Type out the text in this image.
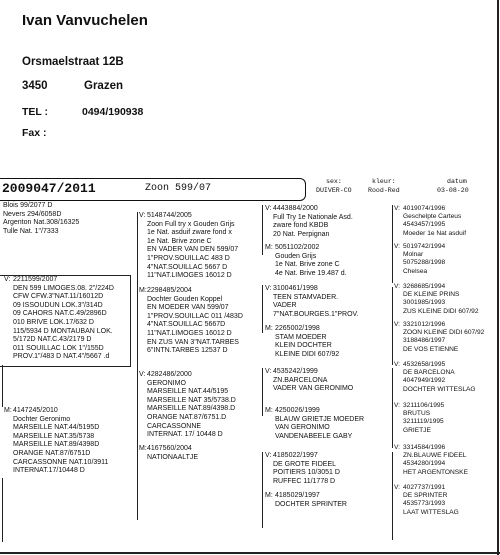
Ivan Vanvuchelen
Orsmaelstraat 12B
3450	Grazen
TEL :	0494/190938
Fax :
2009047/2011	Zoon 599/07
sex:
DUIVER-CO
kleur:
Rood-Red
datum
03-08-20
Blois 99/2077 D
Nevers 294/6058D
Argenton Nat.308/16325
Tulle Nat. 1"/7333
V: 2211599/2007
DEN 599 LIMOGES.08. 2"/224D
CFW CFW.3"NAT.11/16012D
09 ISSOUDUN LOK.3"/314D
09 CAHORS NAT.C.49/2896D
010 BRIVE LOK.17/632 D
115/5934 D MONTAUBAN LOK.
5/172D NAT.C.43/2179 D
011 SOUILLAC LOK 1"/155D
PROV.1"/483 D NAT.4"/5667 .d
M: 4147245/2010
Dochter Geronimo
MARSEILLE NAT.44/5195D
MARSEILLE NAT.35/5738
MARSEILLE NAT.89/4398D
ORANGE NAT.87/6751D
CARCASSONNE NAT.10/3911
INTERNAT.17/10448 D
V: 5148744/2005
Zoon Full try x Gouden Grijs
1e Nat. asduif zware fond x
1e Nat. Brive zone C
EN VADER VAN DEN 599/07
1"PROV.SOUILLAC 483 D
4"NAT.SOUILLAC 5667 D
11"NAT.LIMOGES 16012 D
M: 2298485/2004
Dochter Gouden Koppel
EN MOEDER VAN 599/07
1"PROV.SOUILLAC 011 /483D
4"NAT.SOUILLAC 5667D
11"NAT.LIMOGES 16012 D
EN ZUS VAN 3"NAT.TARBES
6"INTN.TARBES 12537 D
V: 4282486/2000
GERONIMO
MARSEILLE NAT.44/5195
MARSEILLE NAT 35/5738.D
MARSEILLE NAT.89/4398.D
ORANGE NAT.87/6751.D
CARCASSONNE
INTERNAT. 17/ 10448 D
M: 4167560/2004
NATIONAALTJE
V: 4443884/2000
Full Try 1e Nationale Asd.
zware fond KBDB
20 Nat. Perpignan
M: 5051102/2002
Gouden Grijs
1e Nat. Brive zone C
4e Nat. Brive 19.487 d.
V: 3100461/1998
TEEN STAMVADER.
VADER
7"NAT.BOURGES.1"PROV.
M: 2265002/1998
STAM MOEDER
KLEIN DOCHTER
KLEINE DIDI 607/92
V: 4535242/1999
ZN.BARCELONA
VADER VAN GERONIMO
M: 4250026/1999
BLAUW GRIETJE MOEDER
VAN GERONIMO
VANDENABEELE GABY
V: 4185022/1997
DE GROTE FIDEEL
POITIERS 10/3051 D
RUFFEC 11/1778 D
M: 4185029/1997
DOCHTER SPRINTER
V: 4019074/1996
Geschelpte Carteus
4543457/1995
Moeder 1e Nat asduif
V: 5019742/1994
Molnar
5075288/1998
Chelsea
V: 3268685/1994
DE KLEINE PRINS
3001985/1993
ZUS KLEINE DIDI 607/92
V: 3321012/1996
ZOON KLEINE DIDI 607/92
3188486/1997
DE VOS ETIENNE
V: 4532658/1995
DE BARCELONA
4047949/1992
DOCHTER WITTESLAG
V: 3211106/1995
BRUTUS
3211119/1995
GRIETJE
V: 3314584/1996
ZN.BLAUWE FIDEEL
4534280/1994
HET ARGENTONSKE
V: 4027737/1991
DE SPRINTER
4535773/1993
LAAT WITTESLAG
